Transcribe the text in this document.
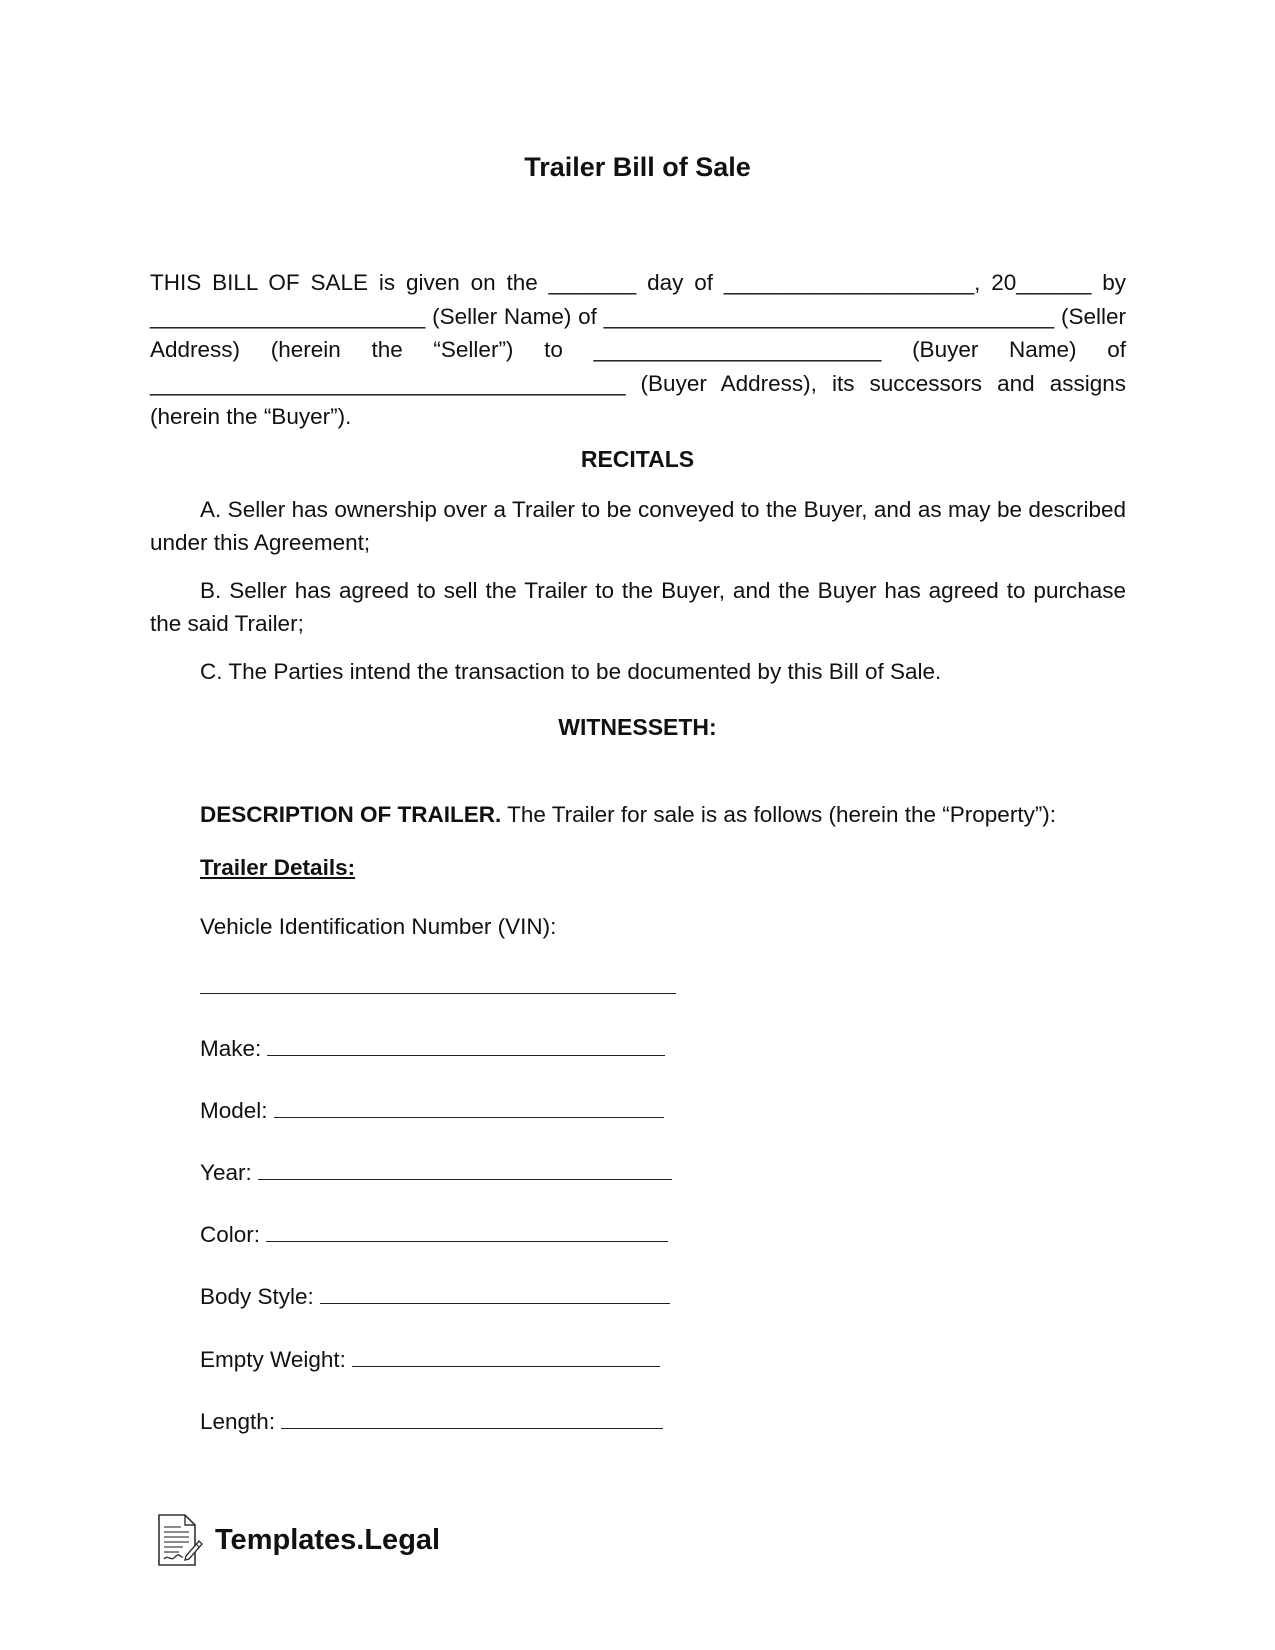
Trailer Bill of Sale

THIS BILL OF SALE is given on the _______ day of ____________________, 20______ by ______________________ (Seller Name) of ____________________________________ (Seller Address) (herein the “Seller”) to _______________________ (Buyer Name) of ______________________________________ (Buyer Address), its successors and assigns (herein the “Buyer”).

RECITALS

A. Seller has ownership over a Trailer to be conveyed to the Buyer, and as may be described under this Agreement;

B. Seller has agreed to sell the Trailer to the Buyer, and the Buyer has agreed to purchase the said Trailer;

C. The Parties intend the transaction to be documented by this Bill of Sale.

WITNESSETH:
DESCRIPTION OF TRAILER. The Trailer for sale is as follows (herein the “Property”):
Trailer Details:
Vehicle Identification Number (VIN):
Make:
Model:
Year:
Color:
Body Style:
Empty Weight:
Length:
Templates.Legal
